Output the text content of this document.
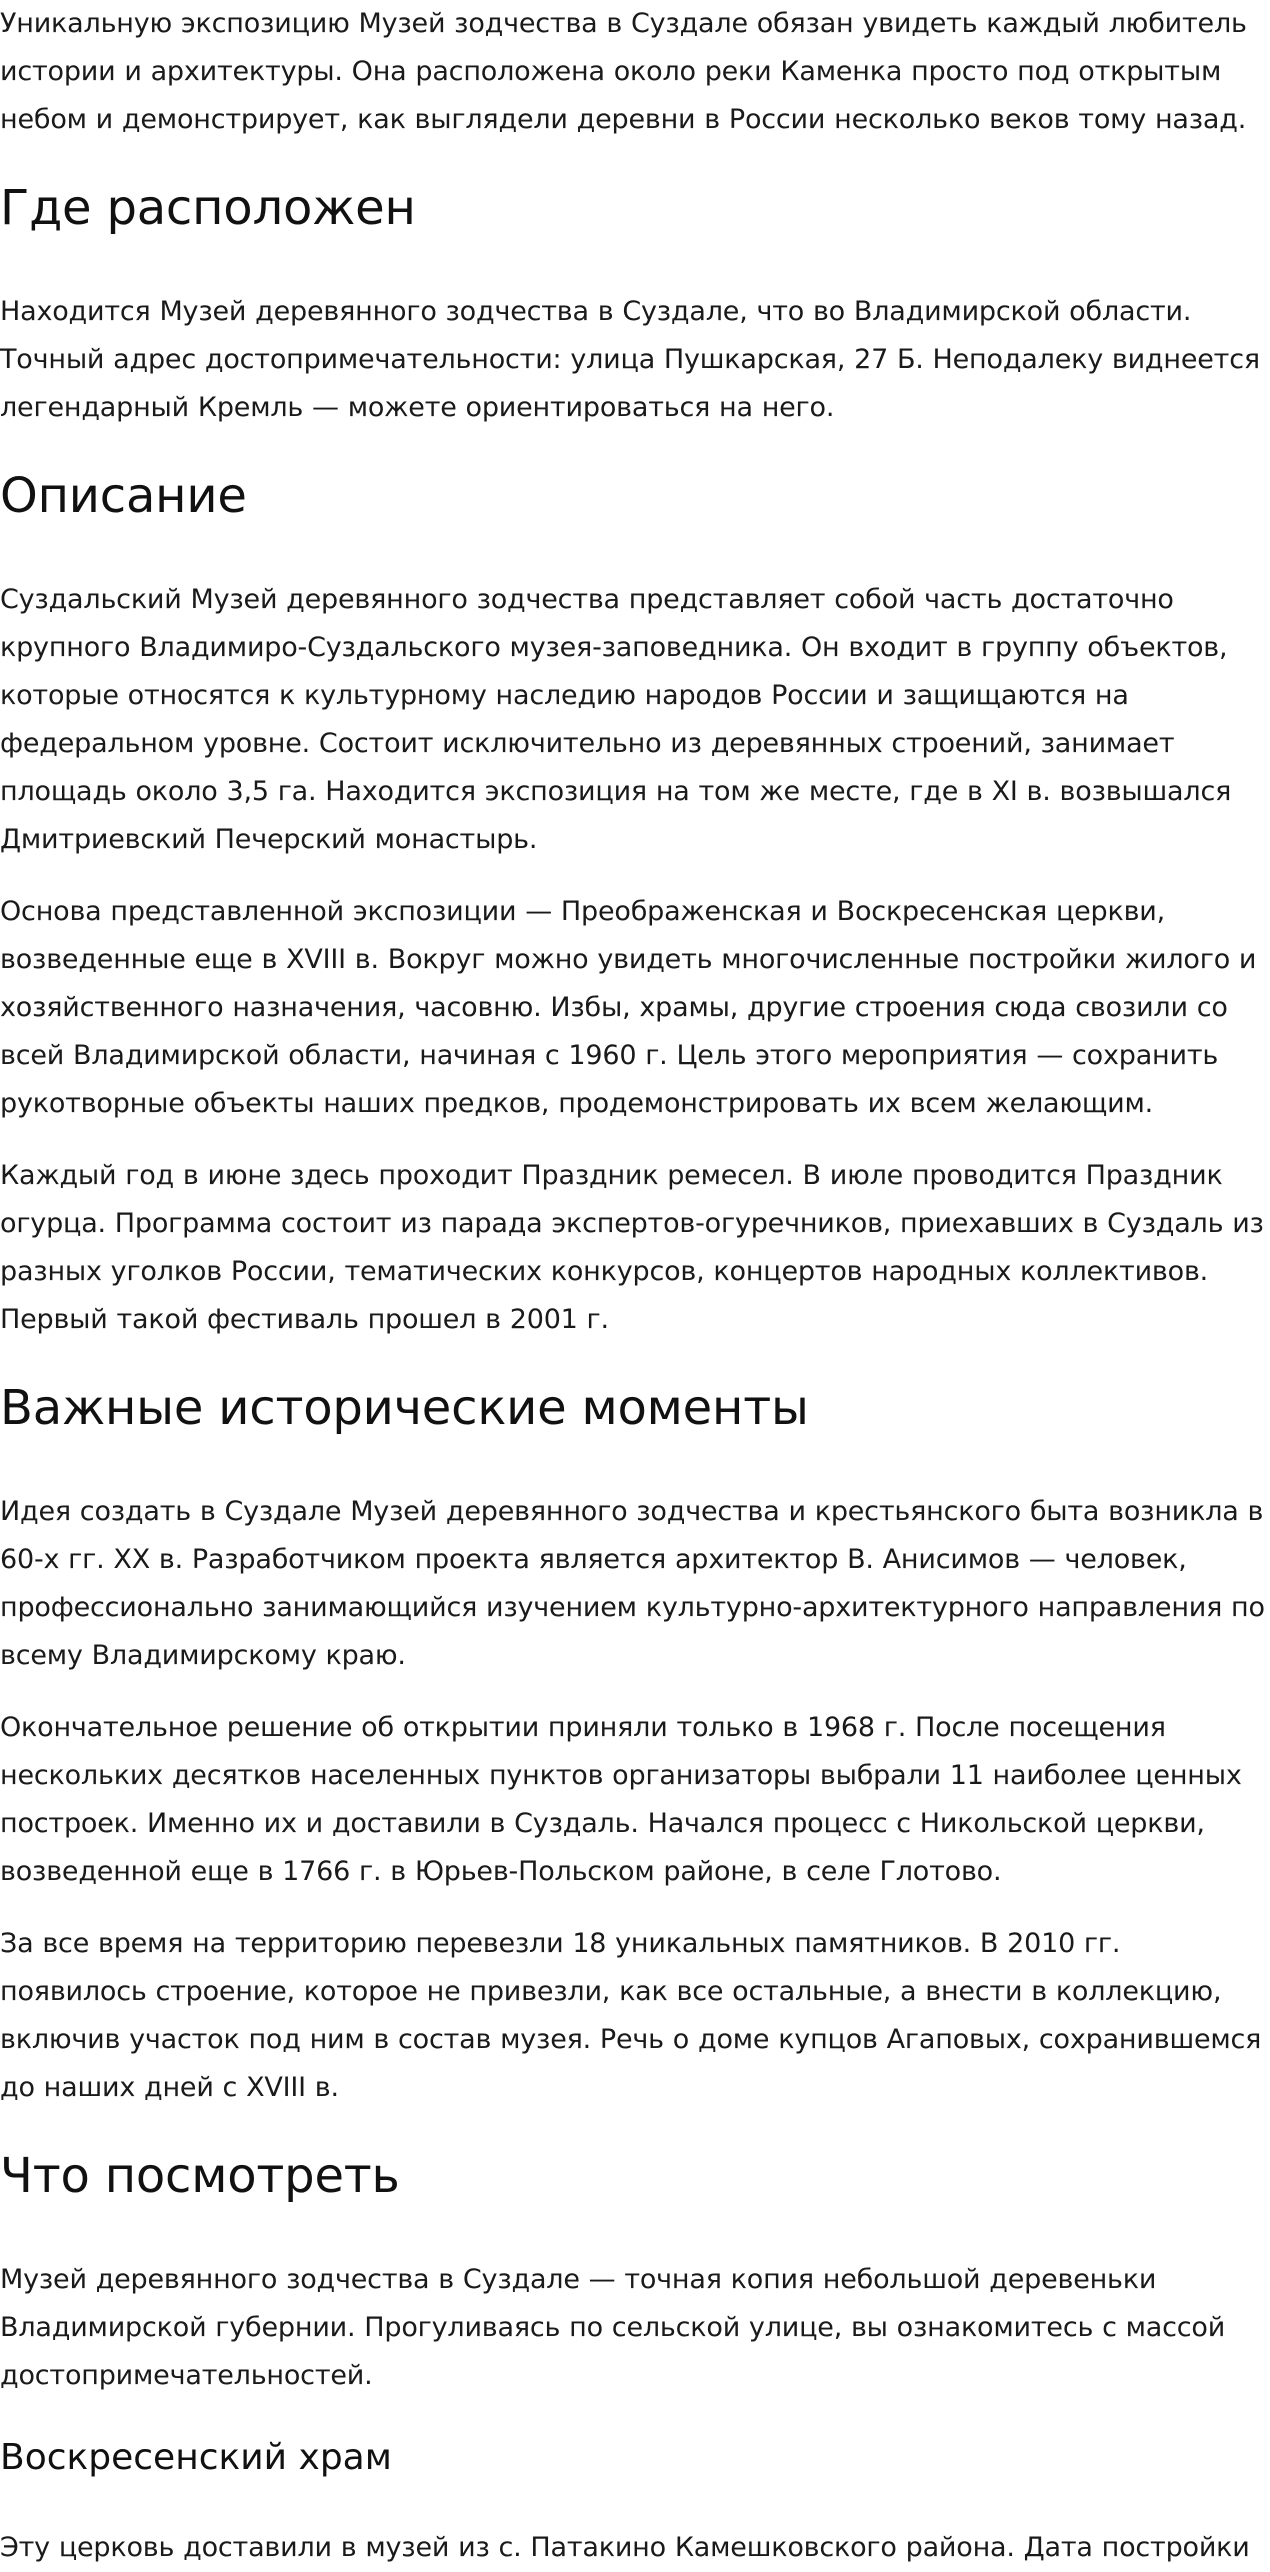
Уникальную экспозицию Музей зодчества в Суздале обязан увидеть каждый любитель истории и архитектуры. Она расположена около реки Каменка просто под открытым небом и демонстрирует, как выглядели деревни в России несколько веков тому назад.

Где расположен

Находится Музей деревянного зодчества в Суздале, что во Владимирской области. Точный адрес достопримечательности: улица Пушкарская, 27 Б. Неподалеку виднеется легендарный Кремль — можете ориентироваться на него.

Описание

Суздальский Музей деревянного зодчества представляет собой часть достаточно крупного Владимиро-Суздальского музея-заповедника. Он входит в группу объектов, которые относятся к культурному наследию народов России и защищаются на федеральном уровне. Состоит исключительно из деревянных строений, занимает площадь около 3,5 га. Находится экспозиция на том же месте, где в XI в. возвышался Дмитриевский Печерский монастырь.

Основа представленной экспозиции — Преображенская и Воскресенская церкви, возведенные еще в XVIII в. Вокруг можно увидеть многочисленные постройки жилого и хозяйственного назначения, часовню. Избы, храмы, другие строения сюда свозили со всей Владимирской области, начиная с 1960 г. Цель этого мероприятия — сохранить рукотворные объекты наших предков, продемонстрировать их всем желающим.

Каждый год в июне здесь проходит Праздник ремесел. В июле проводится Праздник огурца. Программа состоит из парада экспертов-огуречников, приехавших в Суздаль из разных уголков России, тематических конкурсов, концертов народных коллективов. Первый такой фестиваль прошел в 2001 г.

Важные исторические моменты

Идея создать в Суздале Музей деревянного зодчества и крестьянского быта возникла в 60-х гг. XX в. Разработчиком проекта является архитектор В. Анисимов — человек, профессионально занимающийся изучением культурно-архитектурного направления по всему Владимирскому краю.

Окончательное решение об открытии приняли только в 1968 г. После посещения нескольких десятков населенных пунктов организаторы выбрали 11 наиболее ценных построек. Именно их и доставили в Суздаль. Начался процесс с Никольской церкви, возведенной еще в 1766 г. в Юрьев-Польском районе, в селе Глотово.

За все время на территорию перевезли 18 уникальных памятников. В 2010 гг. появилось строение, которое не привезли, как все остальные, а внести в коллекцию, включив участок под ним в состав музея. Речь о доме купцов Агаповых, сохранившемся до наших дней с XVIII в.

Что посмотреть

Музей деревянного зодчества в Суздале — точная копия небольшой деревеньки Владимирской губернии. Прогуливаясь по сельской улице, вы ознакомитесь с массой достопримечательностей.

Воскресенский храм

Эту церковь доставили в музей из с. Патакино Камешковского района. Дата постройки
